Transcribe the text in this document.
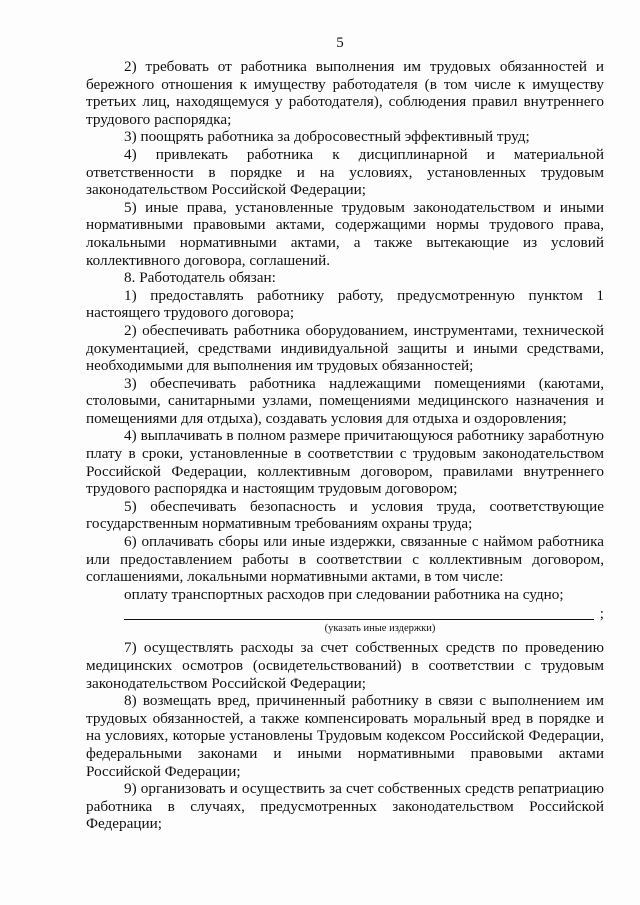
5

2) требовать от работника выполнения им трудовых обязанностей и бережного отношения к имуществу работодателя (в том числе к имуществу третьих лиц, находящемуся у работодателя), соблюдения правил внутреннего трудового распорядка;

3) поощрять работника за добросовестный эффективный труд;

4) привлекать работника к дисциплинарной и материальной ответственности в порядке и на условиях, установленных трудовым законодательством Российской Федерации;

5) иные права, установленные трудовым законодательством и иными нормативными правовыми актами, содержащими нормы трудового права, локальными нормативными актами, а также вытекающие из условий коллективного договора, соглашений.

8. Работодатель обязан:

1) предоставлять работнику работу, предусмотренную пунктом 1 настоящего трудового договора;

2) обеспечивать работника оборудованием, инструментами, технической документацией, средствами индивидуальной защиты и иными средствами, необходимыми для выполнения им трудовых обязанностей;

3) обеспечивать работника надлежащими помещениями (каютами, столовыми, санитарными узлами, помещениями медицинского назначения и помещениями для отдыха), создавать условия для отдыха и оздоровления;

4) выплачивать в полном размере причитающуюся работнику заработную плату в сроки, установленные в соответствии с трудовым законодательством Российской Федерации, коллективным договором, правилами внутреннего трудового распорядка и настоящим трудовым договором;

5) обеспечивать безопасность и условия труда, соответствующие государственным нормативным требованиям охраны труда;

6) оплачивать сборы или иные издержки, связанные с наймом работника или предоставлением работы в соответствии с коллективным договором, соглашениями, локальными нормативными актами, в том числе:

оплату транспортных расходов при следовании работника на судно;

;
(указать иные издержки)

7) осуществлять расходы за счет собственных средств по проведению медицинских осмотров (освидетельствований) в соответствии с трудовым законодательством Российской Федерации;

8) возмещать вред, причиненный работнику в связи с выполнением им трудовых обязанностей, а также компенсировать моральный вред в порядке и на условиях, которые установлены Трудовым кодексом Российской Федерации, федеральными законами и иными нормативными правовыми актами Российской Федерации;

9) организовать и осуществить за счет собственных средств репатриацию работника в случаях, предусмотренных законодательством Российской Федерации;
